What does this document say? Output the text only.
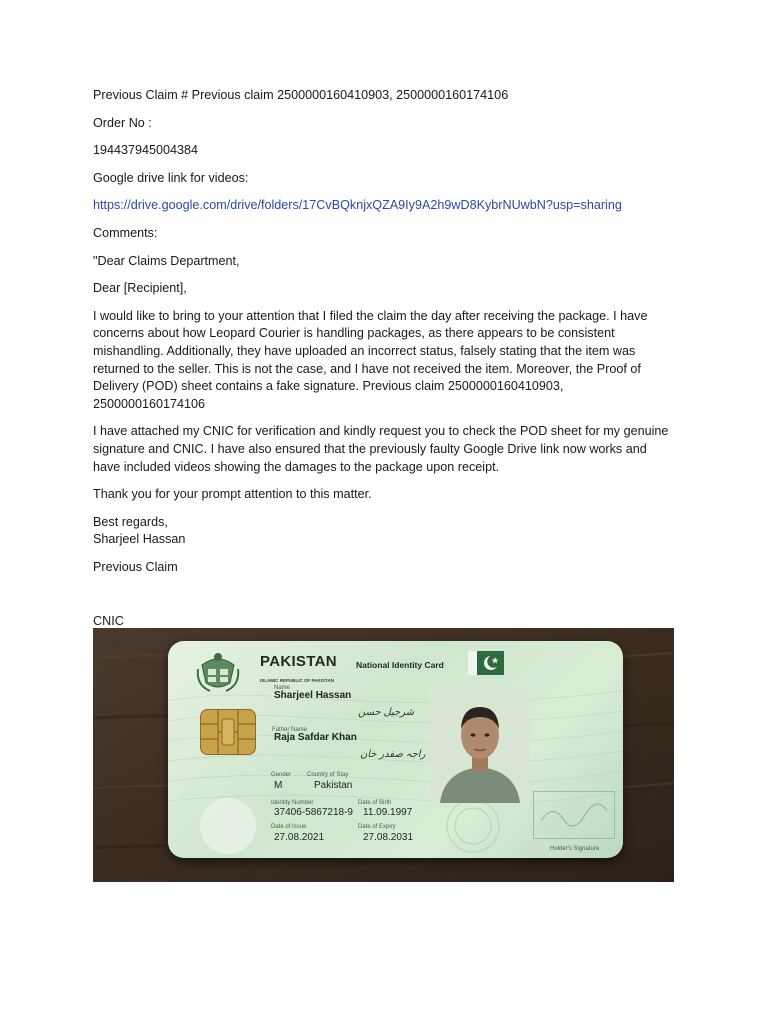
Previous Claim # Previous claim 2500000160410903, 2500000160174106

Order No :

194437945004384

Google drive link for videos:

https://drive.google.com/drive/folders/17CvBQknjxQZA9Iy9A2h9wD8KybrNUwbN?usp=sharing

Comments:

"Dear Claims Department,

Dear [Recipient],

I would like to bring to your attention that I filed the claim the day after receiving the package. I have concerns about how Leopard Courier is handling packages, as there appears to be consistent mishandling. Additionally, they have uploaded an incorrect status, falsely stating that the item was returned to the seller. This is not the case, and I have not received the item. Moreover, the Proof of Delivery (POD) sheet contains a fake signature. Previous claim 2500000160410903, 2500000160174106

I have attached my CNIC for verification and kindly request you to check the POD sheet for my genuine signature and CNIC. I have also ensured that the previously faulty Google Drive link now works and have included videos showing the damages to the package upon receipt.

Thank you for your prompt attention to this matter.

Best regards,

Sharjeel Hassan

Previous Claim

CNIC

PAKISTAN
ISLAMIC REPUBLIC OF PAKISTAN
National Identity Card
Name
Sharjeel Hassan
شرجیل حسن
Father Name
Raja Safdar Khan
راجہ صفدر خان
Gender
M
Country of Stay
Pakistan
Identity Number
37406-5867218-9
Date of Birth
11.09.1997
Date of Issue
27.08.2021
Date of Expiry
27.08.2031
Holder's Signature
